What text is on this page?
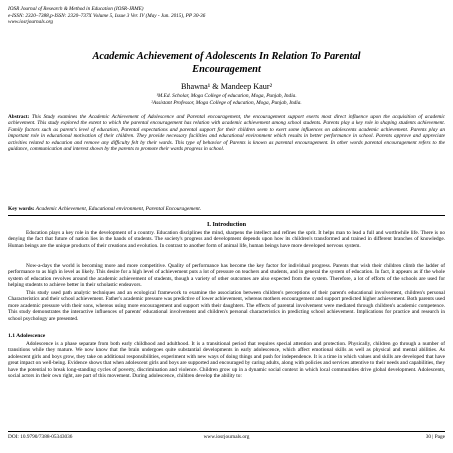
IOSR Journal of Research & Method in Education (IOSR-JRME)
e-ISSN: 2320–7388,p-ISSN: 2320–737X Volume 5, Issue 3 Ver. IV (May - Jun. 2015), PP 30-36
www.iosrjournals.org
Academic Achievement of Adolescents In Relation To Parental
Encouragement
Bhawna¹ & Mandeep Kaur²
¹M.Ed. Scholar, Moga College of education, Moga, Punjab, India.
²Assistant Professor, Moga College of education, Moga, Punjab, India.
Abstract: This Study examines the Academic Achievement of Adolescence and Parental encouragement, the encouragement support exerts most direct influence upon the acquisition of academic achievement. This study explored the extent to which the parental encouragement has relation with academic achievement among school students. Parents play a key role in shaping students achievement. Family factors such as parent's level of education, Parental expectations and parental support for their children seem to exert some influences on adolescents academic achievement. Parents play an important role in educational motivation of their children. They provide necessary facilities and educational environment which results in better performance in school. Parents approve and appreciate activities related to education and remove any difficulty felt by their wards. This type of behavior of Parents is known as parental encouragement. In other words parental encouragement refers to the guidance, communication and interest shown by the parents to promote their wards progress in school.
Key words: Academic Achievement, Educational environment, Parental Encouragement.
I. Introduction
Education plays a key role in the development of a country. Education disciplines the mind, sharpens the intellect and refines the sprit. It helps man to lead a full and worthwhile life. There is no denying the fact that future of nation lies in the hands of students. The society's progress and development depends upon how its children's transformed and trained in different branches of knowledge. Human beings are the unique products of their creations and evolution. In contrast to another form of animal life, human beings have more developed nervous system.
Now-a-days the world is becoming more and more competitive. Quality of performance has become the key factor for individual progress. Parents that wish their children climb the ladder of performance to as high in level as likely. This desire for a high level of achievement puts a lot of pressure on teachers and students, and in general the system of education. In fact, it appears as if the whole system of education revolves around the academic achievement of students, though a variety of other outcomes are also expected from the system. Therefore, a lot of efforts of the schools are used for helping students to achieve better in their scholastic endeavors.
This study used path analytic techniques and an ecological framework to examine the association between children's perceptions of their parent's educational involvement, children's personal Characteristics and their school achievement. Father's academic pressure was predictive of lower achievement, whereas mothers encouragement and support predicted higher achievement. Both parents used more academic pressure with their sons, whereas using more encouragement and support with their daughters. The effects of parental involvement were mediated through children's academic competence. This study demonstrates the interactive influences of parents' educational involvement and children's personal characteristics in predicting school achievement. Implications for practice and research in school psychology are presented.
1.1 Adolescence
Adolescence is a phase separate from both early childhood and adulthood. It is a transitional period that requires special attention and protection. Physically, children go through a number of transitions while they mature. We now know that the brain undergoes quite substantial developments in early adolescence, which affect emotional skills as well as physical and mental abilities. As adolescent girls and boys grow, they take on additional responsibilities, experiment with new ways of doing things and push for independence. It is a time in which values and skills are developed that have great impact on well-being. Evidence shows that when adolescent girls and boys are supported and encouraged by caring adults, along with policies and services attentive to their needs and capabilities, they have the potential to break long-standing cycles of poverty, discrimination and violence. Children grow up in a dynamic social context in which local communities drive global development. Adolescents, social actors in their own right, are part of this movement. During adolescence, children develop the ability to:
DOI: 10.9790/7388-05343036	www.iosrjournals.org	30 | Page
